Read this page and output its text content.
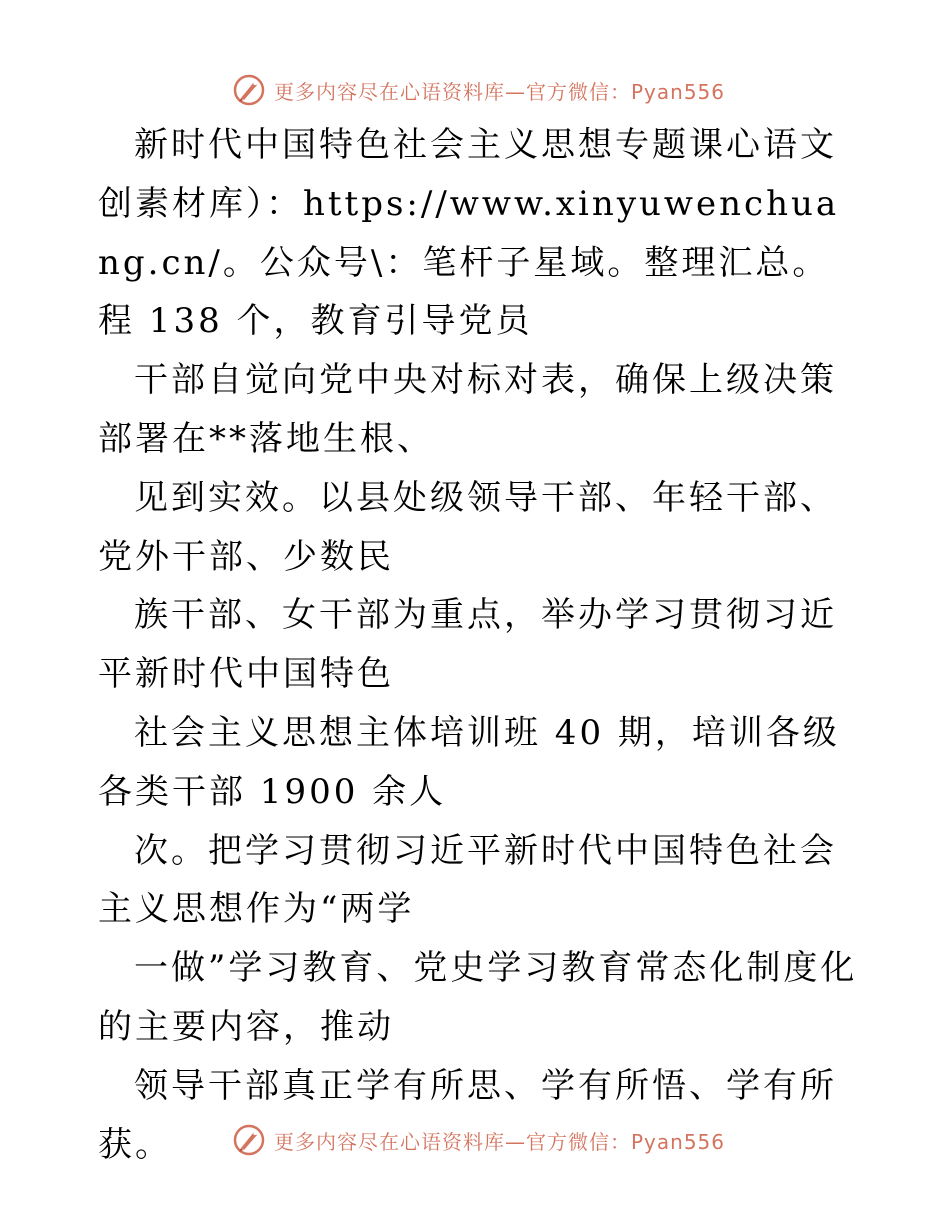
更多内容尽在心语资料库—官方微信：Pyan556

新时代中国特色社会主义思想专题课心语文创素材库）：https://www.xinyuwenchuang.cn/。公众号\：笔杆子星域。整理汇总。程 138 个，教育引导党员

干部自觉向党中央对标对表，确保上级决策部署在**落地生根、

见到实效。以县处级领导干部、年轻干部、党外干部、少数民

族干部、女干部为重点，举办学习贯彻习近平新时代中国特色

社会主义思想主体培训班 40 期，培训各级各类干部 1900 余人

次。把学习贯彻习近平新时代中国特色社会主义思想作为“两学

一做”学习教育、党史学习教育常态化制度化的主要内容，推动

领导干部真正学有所思、学有所悟、学有所获。	更多内容尽在心语资料库—官方微信：Pyan556
